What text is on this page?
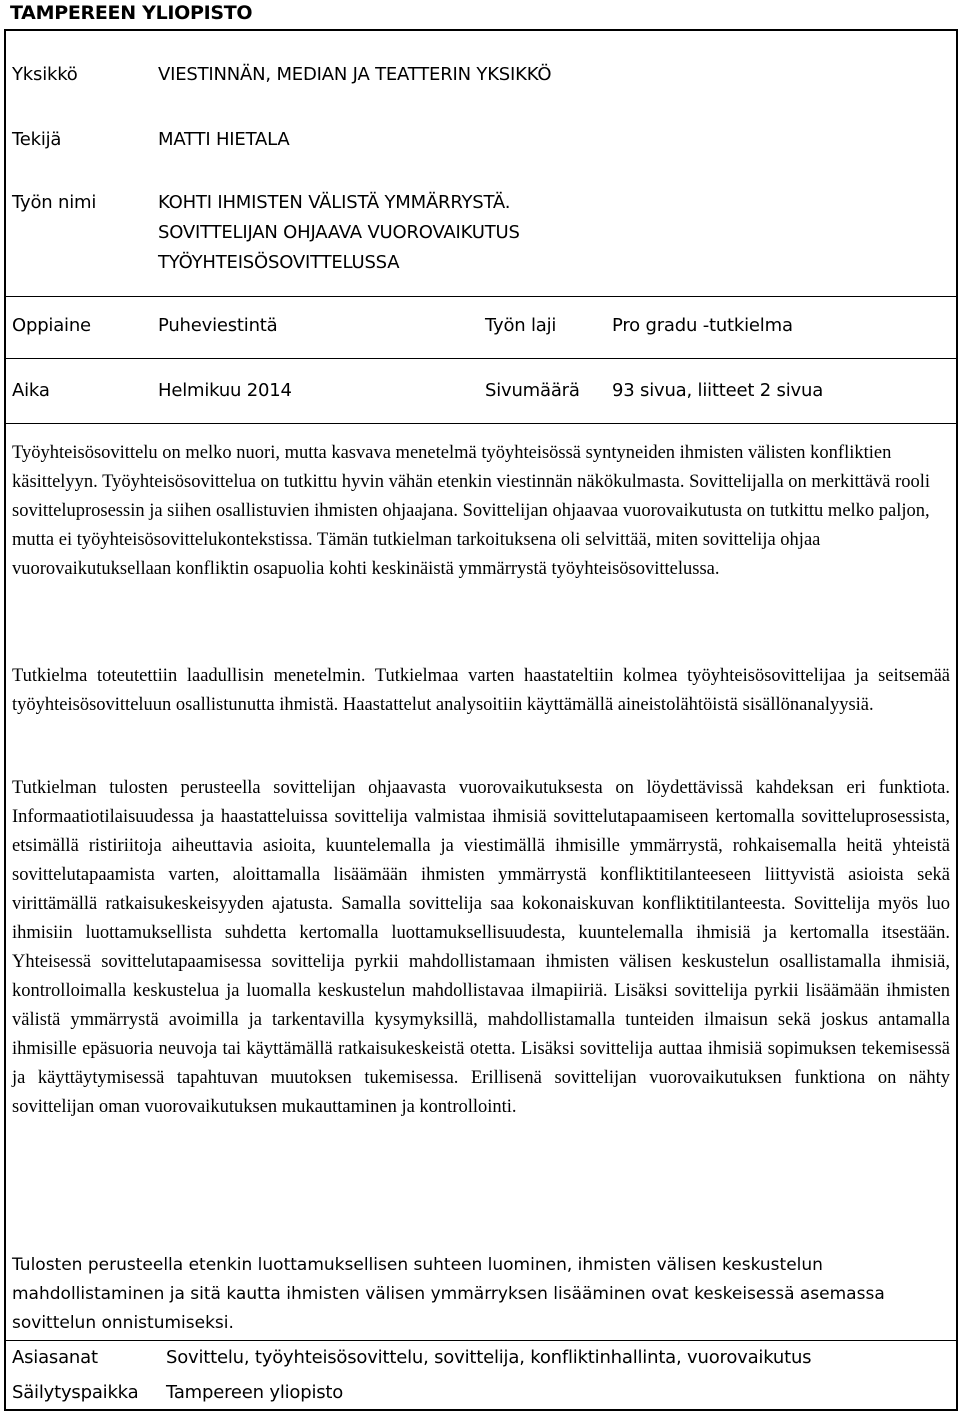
TAMPEREEN YLIOPISTO
Yksikkö	VIESTINNÄN, MEDIAN JA TEATTERIN YKSIKKÖ
Tekijä	MATTI HIETALA
Työn nimi	KOHTI IHMISTEN VÄLISTÄ YMMÄRRYSTÄ.
SOVITTELIJAN OHJAAVA VUOROVAIKUTUS
TYÖYHTEISÖSOVITTELUSSA
Oppiaine	Puheviestintä	Työn laji	Pro gradu -tutkielma
Aika	Helmikuu 2014	Sivumäärä 93 sivua, liitteet 2 sivua
Työyhteisösovittelu on melko nuori, mutta kasvava menetelmä työyhteisössä syntyneiden ihmisten välisten konfliktien käsittelyyn. Työyhteisösovittelua on tutkittu hyvin vähän etenkin viestinnän näkökulmasta. Sovittelijalla on merkittävä rooli sovitteluprosessin ja siihen osallistuvien ihmisten ohjaajana. Sovittelijan ohjaavaa vuorovaikutusta on tutkittu melko paljon, mutta ei työyhteisösovittelukontekstissa. Tämän tutkielman tarkoituksena oli selvittää, miten sovittelija ohjaa vuorovaikutuksellaan konfliktin osapuolia kohti keskinäistä ymmärrystä työyhteisösovittelussa.
Tutkielma toteutettiin laadullisin menetelmin. Tutkielmaa varten haastateltiin kolmea työyhteisösovittelijaa ja seitsemää työyhteisösovitteluun osallistunutta ihmistä. Haastattelut analysoitiin käyttämällä aineistolähtöistä sisällönanalyysiä.
Tutkielman tulosten perusteella sovittelijan ohjaavasta vuorovaikutuksesta on löydettävissä kahdeksan eri funktiota. Informaatiotilaisuudessa ja haastatteluissa sovittelija valmistaa ihmisiä sovittelutapaamiseen kertomalla sovitteluprosessista, etsimällä ristiriitoja aiheuttavia asioita, kuuntelemalla ja viestimällä ihmisille ymmärrystä, rohkaisemalla heitä yhteistä sovittelutapaamista varten, aloittamalla lisäämään ihmisten ymmärrystä konfliktitilanteeseen liittyvistä asioista sekä virittämällä ratkaisukeskeisyyden ajatusta. Samalla sovittelija saa kokonaiskuvan konfliktitilanteesta. Sovittelija myös luo ihmisiin luottamuksellista suhdetta kertomalla luottamuksellisuudesta, kuuntelemalla ihmisiä ja kertomalla itsestään. Yhteisessä sovittelutapaamisessa sovittelija pyrkii mahdollistamaan ihmisten välisen keskustelun osallistamalla ihmisiä, kontrolloimalla keskustelua ja luomalla keskustelun mahdollistavaa ilmapiiriä. Lisäksi sovittelija pyrkii lisäämään ihmisten välistä ymmärrystä avoimilla ja tarkentavilla kysymyksillä, mahdollistamalla tunteiden ilmaisun sekä joskus antamalla ihmisille epäsuoria neuvoja tai käyttämällä ratkaisukeskeistä otetta. Lisäksi sovittelija auttaa ihmisiä sopimuksen tekemisessä ja käyttäytymisessä tapahtuvan muutoksen tukemisessa. Erillisenä sovittelijan vuorovaikutuksen funktiona on nähty sovittelijan oman vuorovaikutuksen mukauttaminen ja kontrollointi.
Tulosten perusteella etenkin luottamuksellisen suhteen luominen, ihmisten välisen keskustelun mahdollistaminen ja sitä kautta ihmisten välisen ymmärryksen lisääminen ovat keskeisessä asemassa sovittelun onnistumiseksi.
Asiasanat	Sovittelu, työyhteisösovittelu, sovittelija, konfliktinhallinta, vuorovaikutus
Säilytyspaikka Tampereen yliopisto
